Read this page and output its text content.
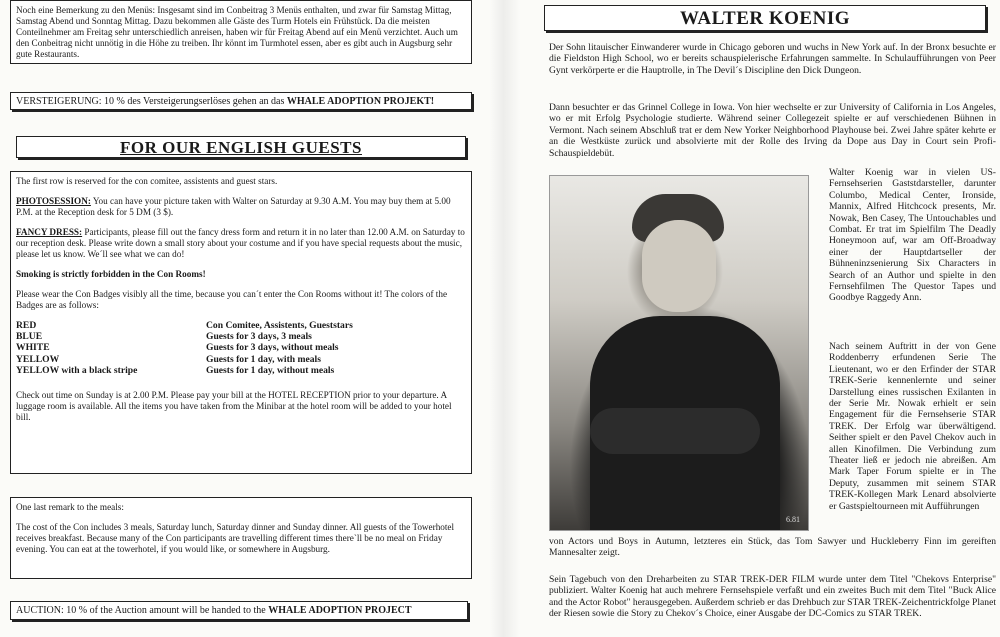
Noch eine Bemerkung zu den Menüs: Insgesamt sind im Conbeitrag 3 Menüs enthalten, und zwar für Samstag Mittag, Samstag Abend und Sonntag Mittag. Dazu bekommen alle Gäste des Turm Hotels ein Frühstück. Da die meisten Conteilnehmer am Freitag sehr unterschiedlich anreisen, haben wir für Freitag Abend auf ein Menü verzichtet. Auch um den Conbeitrag nicht unnötig in die Höhe zu treiben. Ihr könnt im Turmhotel essen, aber es gibt auch in Augsburg sehr gute Restaurants.
VERSTEIGERUNG: 10 % des Versteigerungserlöses gehen an das WHALE ADOPTION PROJEKT!
FOR OUR ENGLISH GUESTS

The first row is reserved for the con comitee, assistents and guest stars.

PHOTOSESSION: You can have your picture taken with Walter on Saturday at 9.30 A.M. You may buy them at 5.00 P.M. at the Reception desk for 5 DM (3 $).

FANCY DRESS: Participants, please fill out the fancy dress form and return it in no later than 12.00 A.M. on Saturday to our reception desk. Please write down a small story about your costume and if you have special requests about the music, please let us know. We´ll see what we can do!

Smoking is strictly forbidden in the Con Rooms!

Please wear the Con Badges visibly all the time, because you can´t enter the Con Rooms without it! The colors of the Badges are as follows:

RED	Con Comitee, Assistents, Gueststars
BLUE	Guests for 3 days, 3 meals
WHITE	Guests for 3 days, without meals
YELLOW	Guests for 1 day, with meals
YELLOW with a black stripe	Guests for 1 day, without meals

Check out time on Sunday is at 2.00 P.M. Please pay your bill at the HOTEL RECEPTION prior to your departure. A luggage room is available. All the items you have taken from the Minibar at the hotel room will be added to your hotel bill.

One last remark to the meals:

The cost of the Con includes 3 meals, Saturday lunch, Saturday dinner and Sunday dinner. All guests of the Towerhotel receives breakfast. Because many of the Con participants are travelling different times there`ll be no meal on Friday evening. You can eat at the towerhotel, if you would like, or somewhere in Augsburg.

AUCTION: 10 % of the Auction amount will be handed to the WHALE ADOPTION PROJECT
WALTER KOENIG
Der Sohn litauischer Einwanderer wurde in Chicago geboren und wuchs in New York auf. In der Bronx besuchte er die Fieldston High School, wo er bereits schauspielerische Erfahrungen sammelte. In Schulaufführungen von Peer Gynt verkörperte er die Hauptrolle, in The Devil´s Discipline den Dick Dungeon.
Dann besuchter er das Grinnel College in Iowa. Von hier wechselte er zur University of California in Los Angeles, wo er mit Erfolg Psychologie studierte. Während seiner Collegezeit spielte er auf verschiedenen Bühnen in Vermont. Nach seinem Abschluß trat er dem New Yorker Neighborhood Playhouse bei. Zwei Jahre später kehrte er an die Westküste zurück und absolvierte mit der Rolle des Irving da Dope aus Day in Court sein Profi-Schauspieldebüt.
6.81
Walter Koenig war in vielen US-Fernsehserien Gaststdarsteller, darunter Columbo, Medical Center, Ironside, Mannix, Alfred Hitchcock presents, Mr. Nowak, Ben Casey, The Untouchables und Combat. Er trat im Spielfilm The Deadly Honeymoon auf, war am Off-Broadway einer der Hauptdartseller der Bühneninzsenierung Six Characters in Search of an Author und spielte in den Fernsehfilmen The Questor Tapes und Goodbye Raggedy Ann.
Nach seinem Auftritt in der von Gene Roddenberry erfundenen Serie The Lieutenant, wo er den Erfinder der STAR TREK-Serie kennenlernte und seiner Darstellung eines russischen Exilanten in der Serie Mr. Nowak erhielt er sein Engagement für die Fernsehserie STAR TREK. Der Erfolg war überwältigend. Seither spielt er den Pavel Chekov auch in allen Kinofilmen. Die Verbindung zum Theater ließ er jedoch nie abreißen. Am Mark Taper Forum spielte er in The Deputy, zusammen mit seinem STAR TREK-Kollegen Mark Lenard absolvierte er Gastspieltourneen mit Aufführungen
von Actors und Boys in Autumn, letzteres ein Stück, das Tom Sawyer und Huckleberry Finn im gereiften Mannesalter zeigt.
Sein Tagebuch von den Dreharbeiten zu STAR TREK-DER FILM wurde unter dem Titel "Chekovs Enterprise" publiziert. Walter Koenig hat auch mehrere Fernsehspiele verfaßt und ein zweites Buch mit dem Titel "Buck Alice and the Actor Robot" herausgegeben. Außerdem schrieb er das Drehbuch zur STAR TREK-Zeichentrickfolge Planet der Riesen sowie die Story zu Chekov´s Choice, einer Ausgabe der DC-Comics zu STAR TREK.
